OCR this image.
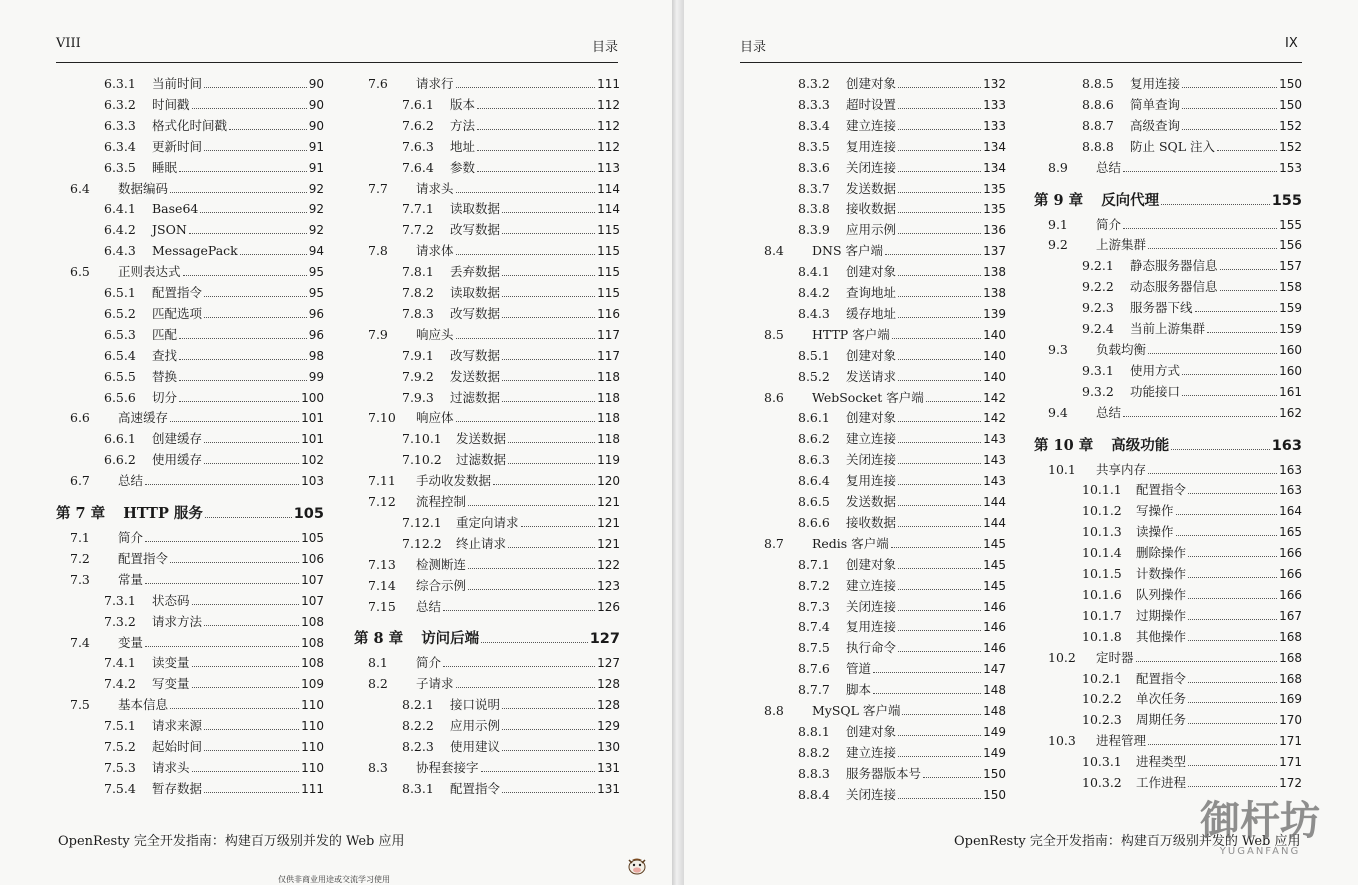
VIII	目录
6.3.1	当前时间	90
6.3.2	时间戳	90
6.3.3	格式化时间戳	90
6.3.4	更新时间	91
6.3.5	睡眠	91
6.4	数据编码	92
6.4.1	Base64	92
6.4.2	JSON	92
6.4.3	MessagePack	94
6.5	正则表达式	95
6.5.1	配置指令	95
6.5.2	匹配选项	96
6.5.3	匹配	96
6.5.4	查找	98
6.5.5	替换	99
6.5.6	切分	100
6.6	高速缓存	101
6.6.1	创建缓存	101
6.6.2	使用缓存	102
6.7	总结	103
第 7 章 HTTP 服务	105
7.1	简介	105
7.2	配置指令	106
7.3	常量	107
7.3.1	状态码	107
7.3.2	请求方法	108
7.4	变量	108
7.4.1	读变量	108
7.4.2	写变量	109
7.5	基本信息	110
7.5.1	请求来源	110
7.5.2	起始时间	110
7.5.3	请求头	110
7.5.4	暂存数据	111
7.6	请求行	111
7.6.1	版本	112
7.6.2	方法	112
7.6.3	地址	112
7.6.4	参数	113
7.7	请求头	114
7.7.1	读取数据	114
7.7.2	改写数据	115
7.8	请求体	115
7.8.1	丢弃数据	115
7.8.2	读取数据	115
7.8.3	改写数据	116
7.9	响应头	117
7.9.1	改写数据	117
7.9.2	发送数据	118
7.9.3	过滤数据	118
7.10	响应体	118
7.10.1	发送数据	118
7.10.2	过滤数据	119
7.11	手动收发数据	120
7.12	流程控制	121
7.12.1	重定向请求	121
7.12.2	终止请求	121
7.13	检测断连	122
7.14	综合示例	123
7.15	总结	126
第 8 章 访问后端	127
8.1	简介	127
8.2	子请求	128
8.2.1	接口说明	128
8.2.2	应用示例	129
8.2.3	使用建议	130
8.3	协程套接字	131
8.3.1	配置指令	131
OpenResty 完全开发指南：构建百万级别并发的 Web 应用
仅供非商业用途或交流学习使用
目录	IX
8.3.2	创建对象	132
8.3.3	超时设置	133
8.3.4	建立连接	133
8.3.5	复用连接	134
8.3.6	关闭连接	134
8.3.7	发送数据	135
8.3.8	接收数据	135
8.3.9	应用示例	136
8.4	DNS 客户端	137
8.4.1	创建对象	138
8.4.2	查询地址	138
8.4.3	缓存地址	139
8.5	HTTP 客户端	140
8.5.1	创建对象	140
8.5.2	发送请求	140
8.6	WebSocket 客户端	142
8.6.1	创建对象	142
8.6.2	建立连接	143
8.6.3	关闭连接	143
8.6.4	复用连接	143
8.6.5	发送数据	144
8.6.6	接收数据	144
8.7	Redis 客户端	145
8.7.1	创建对象	145
8.7.2	建立连接	145
8.7.3	关闭连接	146
8.7.4	复用连接	146
8.7.5	执行命令	146
8.7.6	管道	147
8.7.7	脚本	148
8.8	MySQL 客户端	148
8.8.1	创建对象	149
8.8.2	建立连接	149
8.8.3	服务器版本号	150
8.8.4	关闭连接	150
8.8.5	复用连接	150
8.8.6	简单查询	150
8.8.7	高级查询	152
8.8.8	防止 SQL 注入	152
8.9	总结	153
第 9 章 反向代理	155
9.1	简介	155
9.2	上游集群	156
9.2.1	静态服务器信息	157
9.2.2	动态服务器信息	158
9.2.3	服务器下线	159
9.2.4	当前上游集群	159
9.3	负载均衡	160
9.3.1	使用方式	160
9.3.2	功能接口	161
9.4	总结	162
第 10 章 高级功能	163
10.1	共享内存	163
10.1.1	配置指令	163
10.1.2	写操作	164
10.1.3	读操作	165
10.1.4	删除操作	166
10.1.5	计数操作	166
10.1.6	队列操作	166
10.1.7	过期操作	167
10.1.8	其他操作	168
10.2	定时器	168
10.2.1	配置指令	168
10.2.2	单次任务	169
10.2.3	周期任务	170
10.3	进程管理	171
10.3.1	进程类型	171
10.3.2	工作进程	172
OpenResty 完全开发指南：构建百万级别并发的 Web 应用
御杆坊
YUGANFANG
